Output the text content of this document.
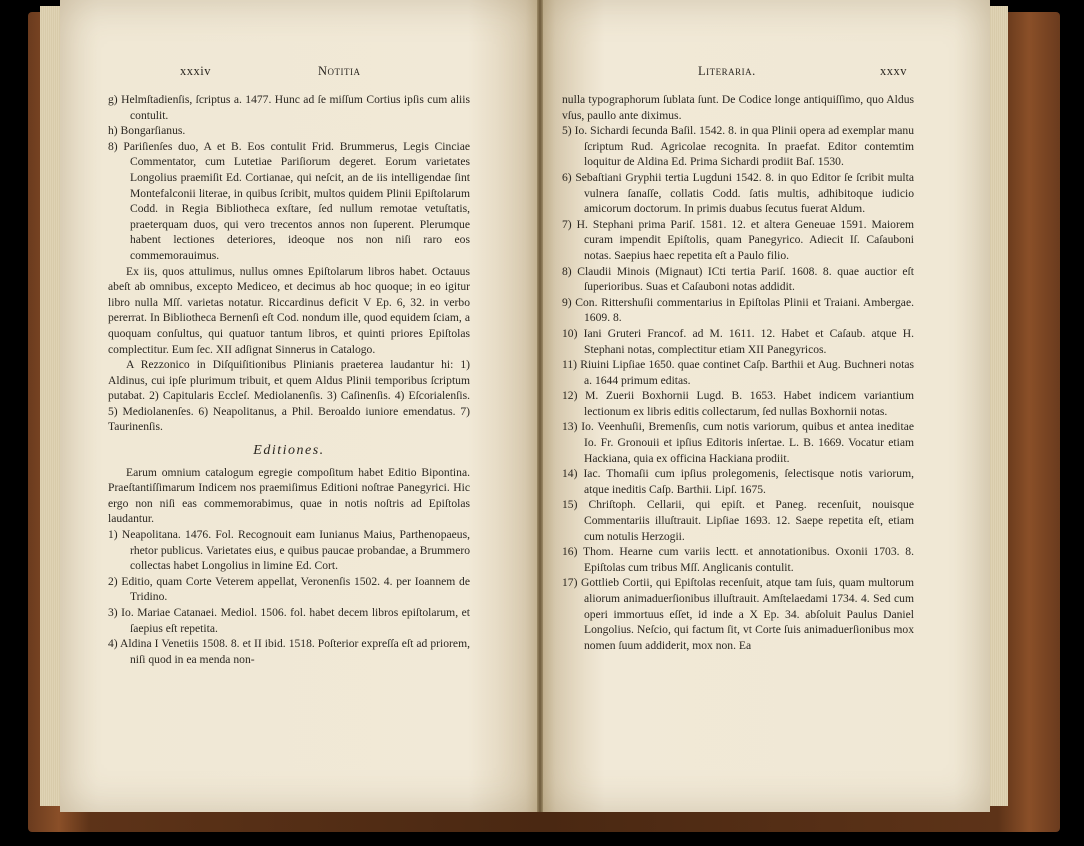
xxxiv	Notitia	Literaria.	xxxv

g) Helmſtadienſis, ſcriptus a. 1477. Hunc ad ſe miſſum Cortius ipſis cum aliis contulit.

h) Bongarſianus.

8) Pariſienſes duo, A et B. Eos contulit Frid. Brummerus, Legis Cinciae Commentator, cum Lutetiae Pariſiorum degeret. Eorum varietates Longolius praemiſit Ed. Cortianae, qui neſcit, an de iis intelligendae ſint Montefalconii literae, in quibus ſcribit, multos quidem Plinii Epiſtolarum Codd. in Regia Bibliotheca exſtare, ſed nullum remotae vetuſtatis, praeterquam duos, qui vero trecentos annos non ſuperent. Plerumque habent lectiones deteriores, ideoque nos non niſi raro eos commemorauimus.

Ex iis, quos attulimus, nullus omnes Epiſtolarum libros habet. Octauus abeſt ab omnibus, excepto Mediceo, et decimus ab hoc quoque; in eo igitur libro nulla Mſſ. varietas notatur. Riccardinus deficit V Ep. 6, 32. in verbo pererrat. In Bibliotheca Bernenſi eſt Cod. nondum ille, quod equidem ſciam, a quoquam conſultus, qui quatuor tantum libros, et quinti priores Epiſtolas complectitur. Eum ſec. XII adſignat Sinnerus in Catalogo.

A Rezzonico in Diſquiſitionibus Plinianis praeterea laudantur hi: 1) Aldinus, cui ipſe plurimum tribuit, et quem Aldus Plinii temporibus ſcriptum putabat. 2) Capitularis Eccleſ. Mediolanenſis. 3) Caſinenſis. 4) Eſcorialenſis. 5) Mediolanenſes. 6) Neapolitanus, a Phil. Beroaldo iuniore emendatus. 7) Taurinenſis.

Editiones.

Earum omnium catalogum egregie compoſitum habet Editio Bipontina. Praeſtantiſſimarum Indicem nos praemiſimus Editioni noſtrae Panegyrici. Hic ergo non niſi eas commemorabimus, quae in notis noſtris ad Epiſtolas laudantur.

1) Neapolitana. 1476. Fol. Recognouit eam Iunianus Maius, Parthenopaeus, rhetor publicus. Varietates eius, e quibus paucae probandae, a Brummero collectas habet Longolius in limine Ed. Cort.

2) Editio, quam Corte Veterem appellat, Veronenſis 1502. 4. per Ioannem de Tridino.

3) Io. Mariae Catanaei. Mediol. 1506. fol. habet decem libros epiſtolarum, et ſaepius eſt repetita.

4) Aldina I Venetiis 1508. 8. et II ibid. 1518. Poſterior expreſſa eſt ad priorem, niſi quod in ea menda non-

nulla typographorum ſublata ſunt. De Codice longe antiquiſſimo, quo Aldus vſus, paullo ante diximus.

5) Io. Sichardi ſecunda Baſil. 1542. 8. in qua Plinii opera ad exemplar manu ſcriptum Rud. Agricolae recognita. In praefat. Editor contemtim loquitur de Aldina Ed. Prima Sichardi prodiit Baſ. 1530.

6) Sebaſtiani Gryphii tertia Lugduni 1542. 8. in quo Editor ſe ſcribit multa vulnera ſanaſſe, collatis Codd. ſatis multis, adhibitoque iudicio amicorum doctorum. In primis duabus ſecutus fuerat Aldum.

7) H. Stephani prima Pariſ. 1581. 12. et altera Geneuae 1591. Maiorem curam impendit Epiſtolis, quam Panegyrico. Adiecit Iſ. Caſauboni notas. Saepius haec repetita eſt a Paulo filio.

8) Claudii Minois (Mignaut) ICti tertia Pariſ. 1608. 8. quae auctior eſt ſuperioribus. Suas et Caſauboni notas addidit.

9) Con. Rittershuſii commentarius in Epiſtolas Plinii et Traiani. Ambergae. 1609. 8.

10) Iani Gruteri Francof. ad M. 1611. 12. Habet et Caſaub. atque H. Stephani notas, complectitur etiam XII Panegyricos.

11) Riuini Lipſiae 1650. quae continet Caſp. Barthii et Aug. Buchneri notas a. 1644 primum editas.

12) M. Zuerii Boxhornii Lugd. B. 1653. Habet indicem variantium lectionum ex libris editis collectarum, ſed nullas Boxhornii notas.

13) Io. Veenhuſii, Bremenſis, cum notis variorum, quibus et antea ineditae Io. Fr. Gronouii et ipſius Editoris inſertae. L. B. 1669. Vocatur etiam Hackiana, quia ex officina Hackiana prodiit.

14) Iac. Thomaſii cum ipſius prolegomenis, ſelectisque notis variorum, atque ineditis Caſp. Barthii. Lipſ. 1675.

15) Chriſtoph. Cellarii, qui epiſt. et Paneg. recenſuit, nouisque Commentariis illuſtrauit. Lipſiae 1693. 12. Saepe repetita eſt, etiam cum notulis Herzogii.

16) Thom. Hearne cum variis lectt. et annotationibus. Oxonii 1703. 8. Epiſtolas cum tribus Mſſ. Anglicanis contulit.

17) Gottlieb Cortii, qui Epiſtolas recenſuit, atque tam ſuis, quam multorum aliorum animaduerſionibus illuſtrauit. Amſtelaedami 1734. 4. Sed cum operi immortuus eſſet, id inde a X Ep. 34. abſoluit Paulus Daniel Longolius. Neſcio, qui factum ſit, vt Corte ſuis animaduerſionibus mox nomen ſuum addiderit, mox non. Ea
